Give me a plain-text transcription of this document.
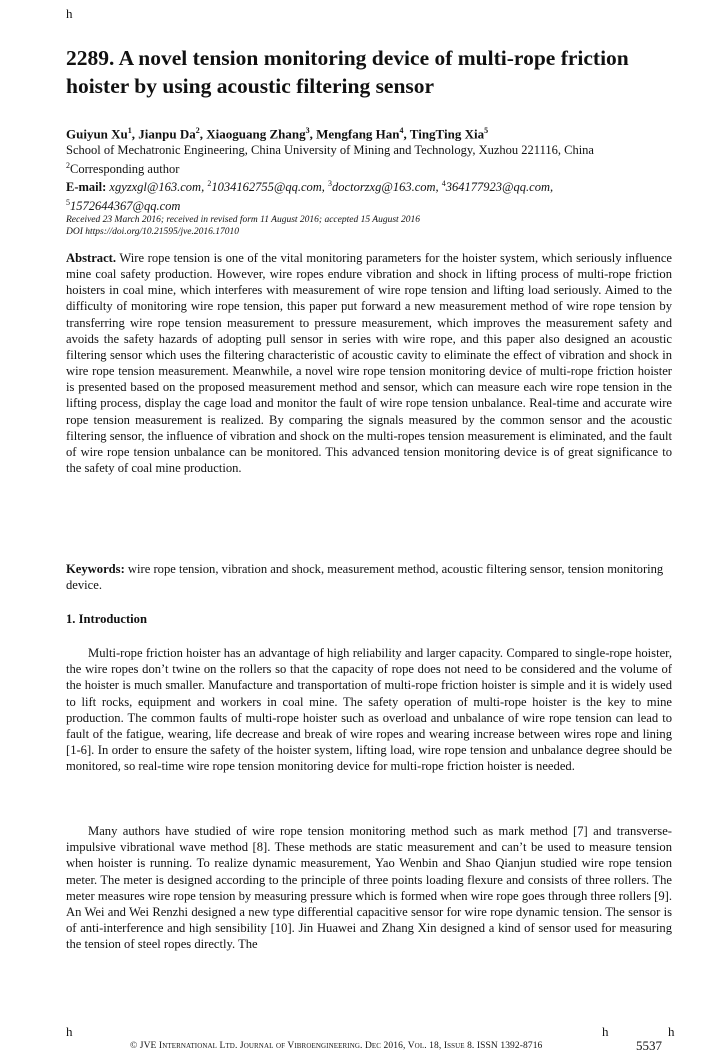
h
2289. A novel tension monitoring device of multi-rope friction hoister by using acoustic filtering sensor
Guiyun Xu$^1$, Jianpu Da$^2$, Xiaoguang Zhang$^3$, Mengfang Han$^4$, TingTing Xia$^5$
School of Mechatronic Engineering, China University of Mining and Technology, Xuzhou 221116, China
$^2$Corresponding author
E-mail: xgyzxgl@163.com, $^2$1034162755@qq.com, $^3$doctorzxg@163.com, $^4$364177923@qq.com,
$^5$1572644367@qq.com
Received 23 March 2016; received in revised form 11 August 2016; accepted 15 August 2016
DOI https://doi.org/10.21595/jve.2016.17010

Abstract. Wire rope tension is one of the vital monitoring parameters for the hoister system, which seriously influence mine coal safety production. However, wire ropes endure vibration and shock in lifting process of multi-rope friction hoisters in coal mine, which interferes with measurement of wire rope tension and lifting load seriously. Aimed to the difficulty of monitoring wire rope tension, this paper put forward a new measurement method of wire rope tension by transferring wire rope tension measurement to pressure measurement, which improves the measurement safety and avoids the safety hazards of adopting pull sensor in series with wire rope, and this paper also designed an acoustic filtering sensor which uses the filtering characteristic of acoustic cavity to eliminate the effect of vibration and shock in wire rope tension measurement. Meanwhile, a novel wire rope tension monitoring device of multi-rope friction hoister is presented based on the proposed measurement method and sensor, which can measure each wire rope tension in the lifting process, display the cage load and monitor the fault of wire rope tension unbalance. Real-time and accurate wire rope tension measurement is realized. By comparing the signals measured by the common sensor and the acoustic filtering sensor, the influence of vibration and shock on the multi-ropes tension measurement is eliminated, and the fault of wire rope tension unbalance can be monitored. This advanced tension monitoring device is of great significance to the safety of coal mine production.

Keywords: wire rope tension, vibration and shock, measurement method, acoustic filtering sensor, tension monitoring device.

1. Introduction

Multi-rope friction hoister has an advantage of high reliability and larger capacity. Compared to single-rope hoister, the wire ropes don’t twine on the rollers so that the capacity of rope does not need to be considered and the volume of the hoister is much smaller. Manufacture and transportation of multi-rope friction hoister is simple and it is widely used to lift rocks, equipment and workers in coal mine. The safety operation of multi-rope hoister is the key to mine production. The common faults of multi-rope hoister such as overload and unbalance of wire rope tension can lead to fault of the fatigue, wearing, life decrease and break of wire ropes and wearing increase between wires rope and lining [1-6]. In order to ensure the safety of the hoister system, lifting load, wire rope tension and unbalance degree should be monitored, so real-time wire rope tension monitoring device for multi-rope friction hoister is needed.

Many authors have studied of wire rope tension monitoring method such as mark method [7] and transverse-impulsive vibrational wave method [8]. These methods are static measurement and can’t be used to measure tension when hoister is running. To realize dynamic measurement, Yao Wenbin and Shao Qianjun studied wire rope tension meter. The meter is designed according to the principle of three points loading flexure and consists of three rollers. The meter measures wire rope tension by measuring pressure which is formed when wire rope goes through three rollers [9]. An Wei and Wei Renzhi designed a new type differential capacitive sensor for wire rope dynamic tension. The sensor is of anti-interference and high sensibility [10]. Jin Huawei and Zhang Xin designed a kind of sensor used for measuring the tension of steel ropes directly. The

h	h	h
© JVE International Ltd. Journal of Vibroengineering. Dec 2016, Vol. 18, Issue 8. ISSN 1392-8716	5537
